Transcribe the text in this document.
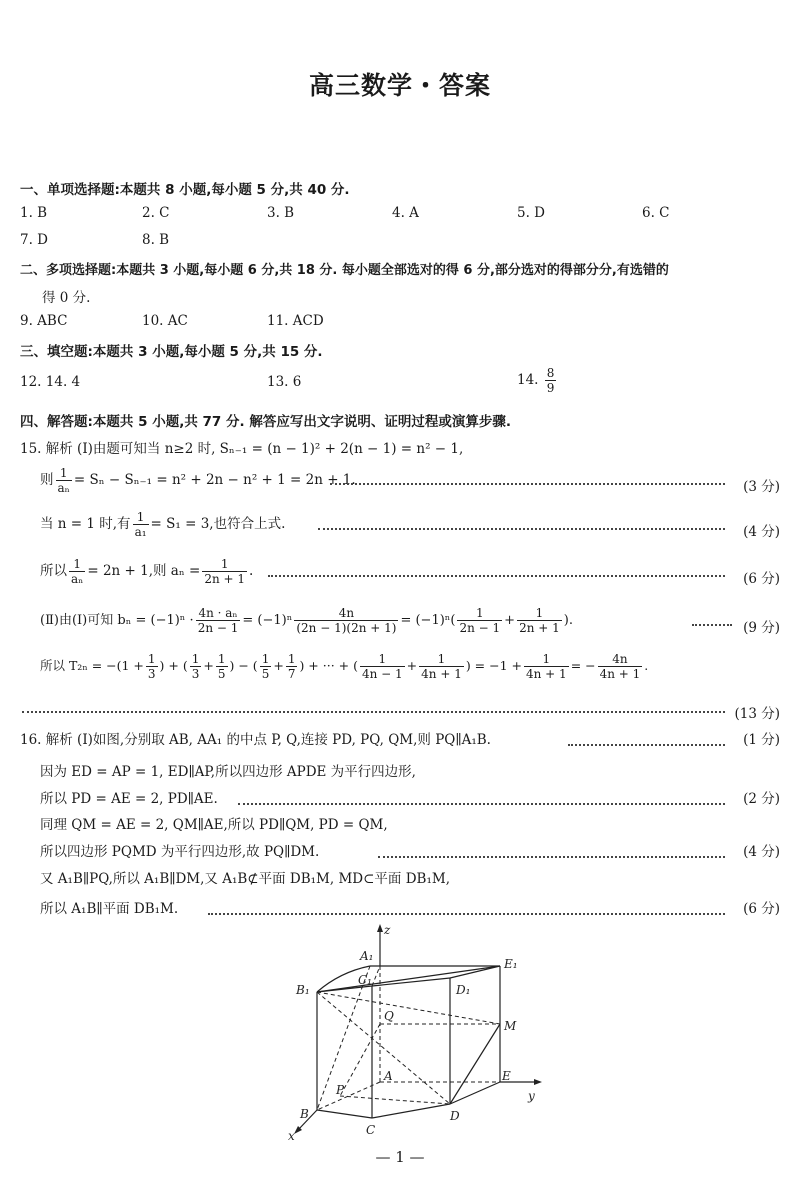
高三数学・答案
一、单项选择题:本题共 8 小题,每小题 5 分,共 40 分.
1. B	2. C	3. B	4. A	5. D	6. C
7. D	8. B
二、多项选择题:本题共 3 小题,每小题 6 分,共 18 分. 每小题全部选对的得 6 分,部分选对的得部分分,有选错的
得 0 分.
9. ABC	10. AC	11. ACD
三、填空题:本题共 3 小题,每小题 5 分,共 15 分.
12. 14. 4	13. 6	14. $\frac{8}{9}$
四、解答题:本题共 5 小题,共 77 分. 解答应写出文字说明、证明过程或演算步骤.
15. 解析 (Ⅰ)由题可知当 n≥2 时, Sₙ₋₁ = (n − 1)² + 2(n − 1) = n² − 1,
则 $\frac{1}{\text{aₙ}} = S_n - S_{n-1} = n^2 + 2n - n^2 + 1 = 2n + 1$.	(3 分)
当 n = 1 时,有 $\frac{1}{\text{a₁}} = S_1 = 3$,也符合上式.	(4 分)
所以 $\frac{1}{\text{aₙ}} = 2n + 1$,则 $a_n = \frac{1}{2n + 1}$ .	(6 分)
(Ⅱ)由(Ⅰ)可知 $b_n = (-1)^n \cdot \frac{\text{4n · aₙ}}{2n - 1} = (-1)^n \frac{4n}{(2n - 1)(2n + 1)} = (-1)^n( \frac{1}{2n - 1} + \frac{1}{2n + 1}$ ).	(9 分)
所以 $T_{2n} = -(1 + \frac{1}{3}$ ) + ( $\frac{1}{3} + \frac{1}{5}$ ) − ( $\frac{1}{5} + \frac{1}{7}$ ) + ··· + ( $\frac{1}{4n - 1} + \frac{1}{4n + 1}$ ) = $-1 + \frac{1}{4n + 1}$ = − $\frac{4n}{4n + 1}$ .
(13 分)
16. 解析 (Ⅰ)如图,分别取 AB, AA₁ 的中点 P, Q,连接 PD, PQ, QM,则 PQ∥A₁B.	(1 分)
因为 ED = AP = 1, ED∥AP,所以四边形 APDE 为平行四边形,
所以 PD = AE = 2, PD∥AE.	(2 分)
同理 QM = AE = 2, QM∥AE,所以 PD∥QM, PD = QM,
所以四边形 PQMD 为平行四边形,故 PQ∥DM.	(4 分)
又 A₁B∥PQ,所以 A₁B∥DM,又 A₁B⊄平面 DB₁M, MD⊂平面 DB₁M,
所以 A₁B∥平面 DB₁M.	(6 分)
z
A₁
E₁
B₁
C₁
D₁
Q
M
A	E
y
P
B	D
C
x
— 1 —
